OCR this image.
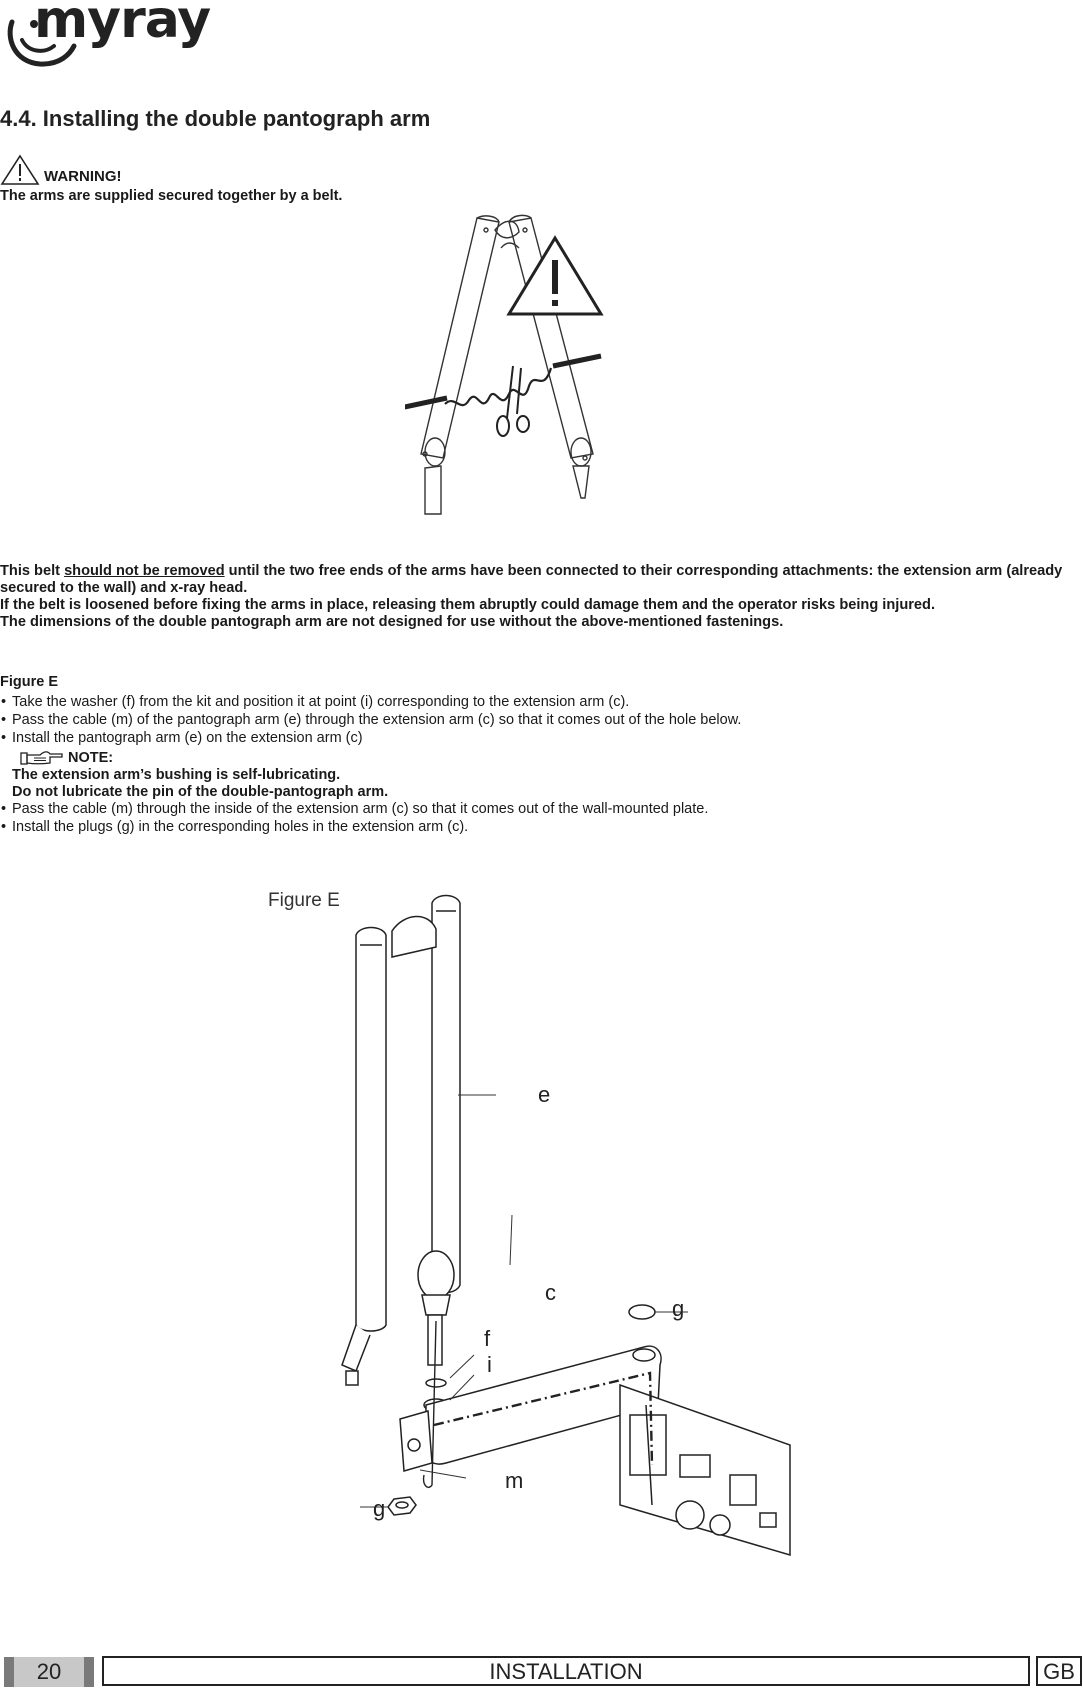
myray
4.4. Installing the double pantograph arm
WARNING!
The arms are supplied secured together by a belt.

This belt should not be removed until the two free ends of the arms have been connected to their corresponding attachments: the extension arm (already secured to the wall) and x-ray head.

If the belt is loosened before fixing the arms in place, releasing them abruptly could damage them and the operator risks being injured.

The dimensions of the double pantograph arm are not designed for use without the above-mentioned fastenings.

Figure E

• Take the washer (f) from the kit and position it at point (i) corresponding to the extension arm (c).

• Pass the cable (m) of the pantograph arm (e) through the extension arm (c) so that it comes out of the hole below.

• Install the pantograph arm (e) on the extension arm (c)

NOTE:
The extension arm’s bushing is self-lubricating.
Do not lubricate the pin of the double-pantograph arm.

• Pass the cable (m) through the inside of the extension arm (c) so that it comes out of the wall-mounted plate.

• Install the plugs (g) in the corresponding holes in the extension arm (c).

Figure E
e
c
g
f
i
m
g
20	INSTALLATION	GB
